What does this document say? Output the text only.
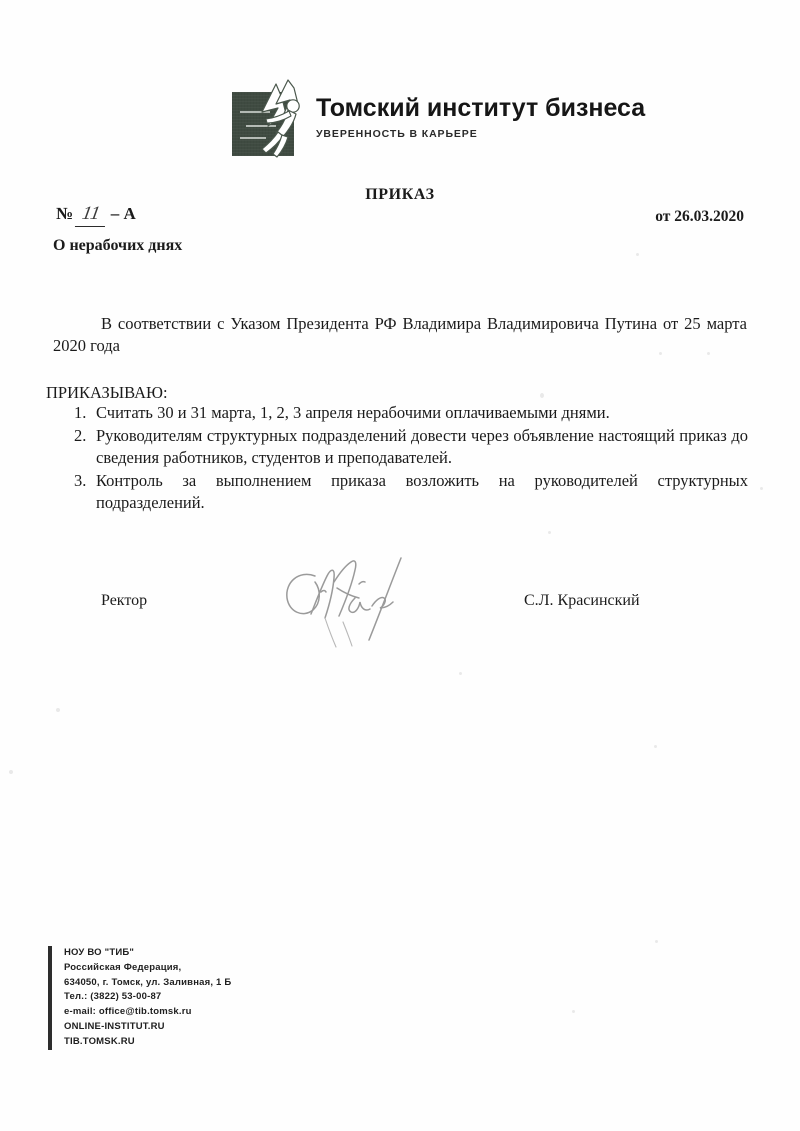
Томский институт бизнеса
УВЕРЕННОСТЬ В КАРЬЕРЕ
ПРИКАЗ
№ 11 – А	от 26.03.2020
О нерабочих днях

В соответствии с Указом Президента РФ Владимира Владимировича Путина от 25 марта 2020 года

ПРИКАЗЫВАЮ:
1. Считать 30 и 31 марта, 1, 2, 3 апреля нерабочими оплачиваемыми днями.
2. Руководителям структурных подразделений довести через объявление настоящий приказ до сведения работников, студентов и преподавателей.
3. Контроль за выполнением приказа возложить на руководителей структурных подразделений.
Ректор	С.Л. Красинский
НОУ ВО "ТИБ"
Российская Федерация,
634050, г. Томск, ул. Заливная, 1 Б
Тел.: (3822) 53-00-87
e-mail: office@tib.tomsk.ru
ONLINE-INSTITUT.RU
TIB.TOMSK.RU
